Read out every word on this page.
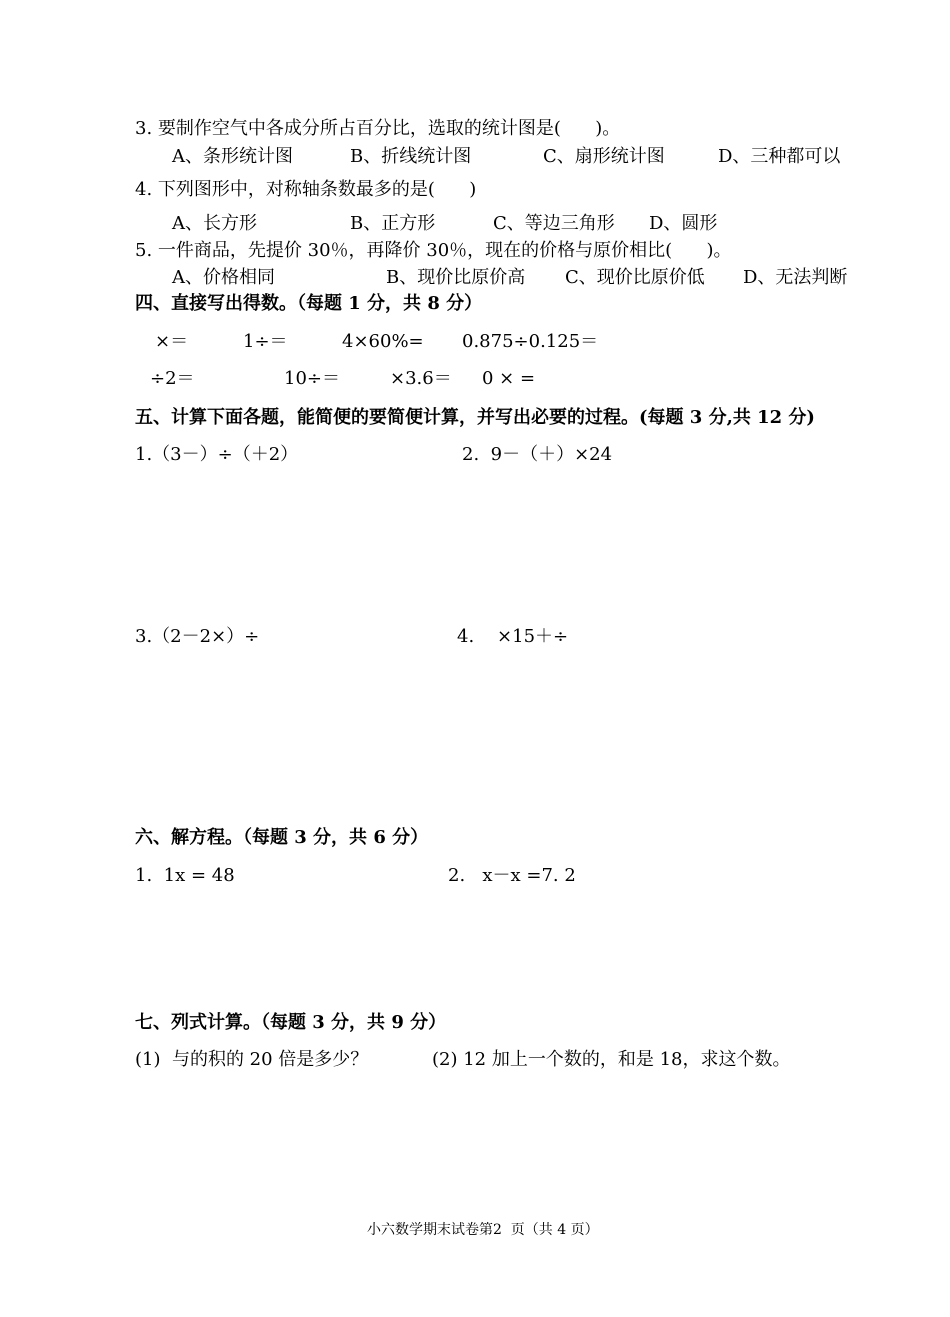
3. 要制作空气中各成分所占百分比，选取的统计图是(      )。
A、条形统计图	B、折线统计图	C、扇形统计图	D、三种都可以
4. 下列图形中，对称轴条数最多的是(      )
A、长方形	B、正方形	C、等边三角形 D、圆形
5. 一件商品，先提价 30％，再降价 30％，现在的价格与原价相比(      )。
A、价格相同	B、现价比原价高 C、现价比原价低 D、无法判断
四、直接写出得数。（每题 1 分，共 8 分）
×＝	1÷＝	4×60%= 0.875÷0.125＝
÷2＝	10÷＝	×3.6＝ 0 × =
五、计算下面各题，能简便的要简便计算，并写出必要的过程。(每题 3 分,共 12 分)
1.（3－）÷（＋2）	2.  9－（＋）×24
3.（2－2×）÷	4.    ×15＋÷
六、解方程。（每题 3 分，共 6 分）
1.  1x = 48	2.   x－x =7. 2
七、列式计算。（每题 3 分，共 9 分）
(1)  与的积的 20 倍是多少？	(2) 12 加上一个数的，和是 18，求这个数。
小六数学期末试卷第2  页（共 4 页）
